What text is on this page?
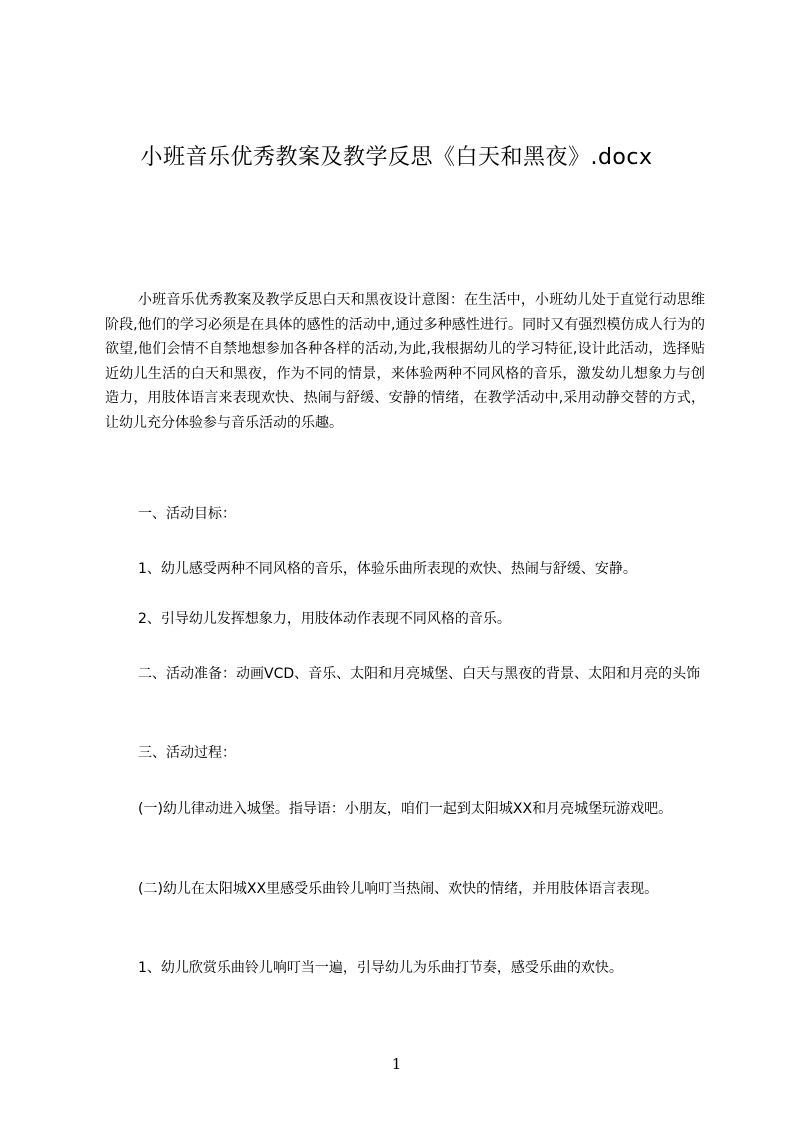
小班音乐优秀教案及教学反思《白天和黑夜》.docx

小班音乐优秀教案及教学反思白天和黑夜设计意图：在生活中，小班幼儿处于直觉行动思维阶段,他们的学习必须是在具体的感性的活动中,通过多种感性进行。同时又有强烈模仿成人行为的欲望,他们会情不自禁地想参加各种各样的活动,为此,我根据幼儿的学习特征,设计此活动，选择贴近幼儿生活的白天和黑夜，作为不同的情景，来体验两种不同风格的音乐，激发幼儿想象力与创造力，用肢体语言来表现欢快、热闹与舒缓、安静的情绪，在教学活动中,采用动静交替的方式，让幼儿充分体验参与音乐活动的乐趣。

一、活动目标：

1、幼儿感受两种不同风格的音乐，体验乐曲所表现的欢快、热闹与舒缓、安静。

2、引导幼儿发挥想象力，用肢体动作表现不同风格的音乐。

二、活动准备：动画VCD、音乐、太阳和月亮城堡、白天与黑夜的背景、太阳和月亮的头饰

三、活动过程：

(一)幼儿律动进入城堡。指导语：小朋友，咱们一起到太阳城XX和月亮城堡玩游戏吧。

(二)幼儿在太阳城XX里感受乐曲铃儿响叮当热闹、欢快的情绪，并用肢体语言表现。

1、幼儿欣赏乐曲铃儿响叮当一遍，引导幼儿为乐曲打节奏，感受乐曲的欢快。

1
